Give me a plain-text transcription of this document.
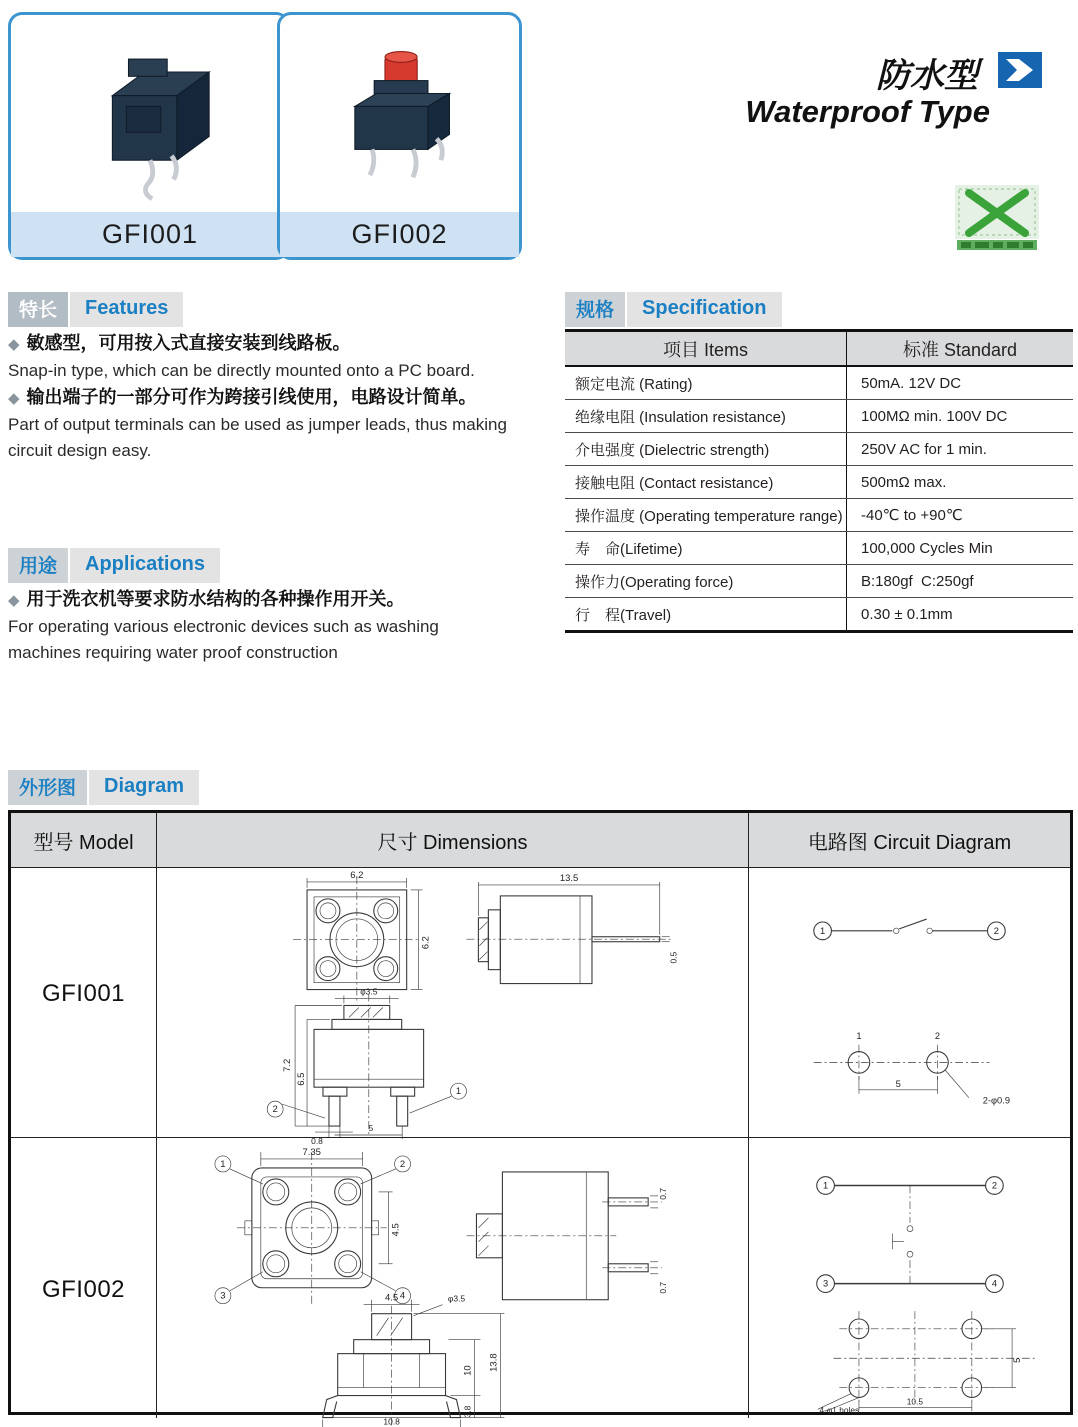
GFI001	GFI002
防水型
Waterproof Type
特长	Features
◆ 敏感型，可用按入式直接安装到线路板。
Snap-in type, which can be directly mounted onto a PC board.
◆ 输出端子的一部分可作为跨接引线使用，电路设计简单。
Part of output terminals can be used as jumper leads, thus making circuit design easy.
规格	Specification
项目 Items	标准 Standard
额定电流 (Rating)	50mA. 12V DC
绝缘电阻 (Insulation resistance)	100MΩ min. 100V DC
介电强度 (Dielectric strength)	250V AC for 1 min.
接触电阻 (Contact resistance)	500mΩ max.
操作温度 (Operating temperature range)	-40℃ to +90℃
寿　命(Lifetime)	100,000 Cycles Min
操作力(Operating force)	B:180gf  C:250gf
行　程(Travel)	0.30 ± 0.1mm
用途	Applications
◆ 用于洗衣机等要求防水结构的各种操作用开关。
For operating various electronic devices such as washing machines requiring water proof construction
外形图	Diagram
型号 Model	尺寸 Dimensions	电路图 Circuit Diagram
GFI001
6.2
6.2
13.5
0.5
φ3.5
7.2
6.5
0.8
5
2
1
1	2
1	2
5
2-φ0.9
GFI002
7.35
4.5
1	2
3	4
0.7
0.7
4.5	φ3.5
10 13.8
3.8
10.8
1	2
3	4
5
10.5
4-φ1 holes
